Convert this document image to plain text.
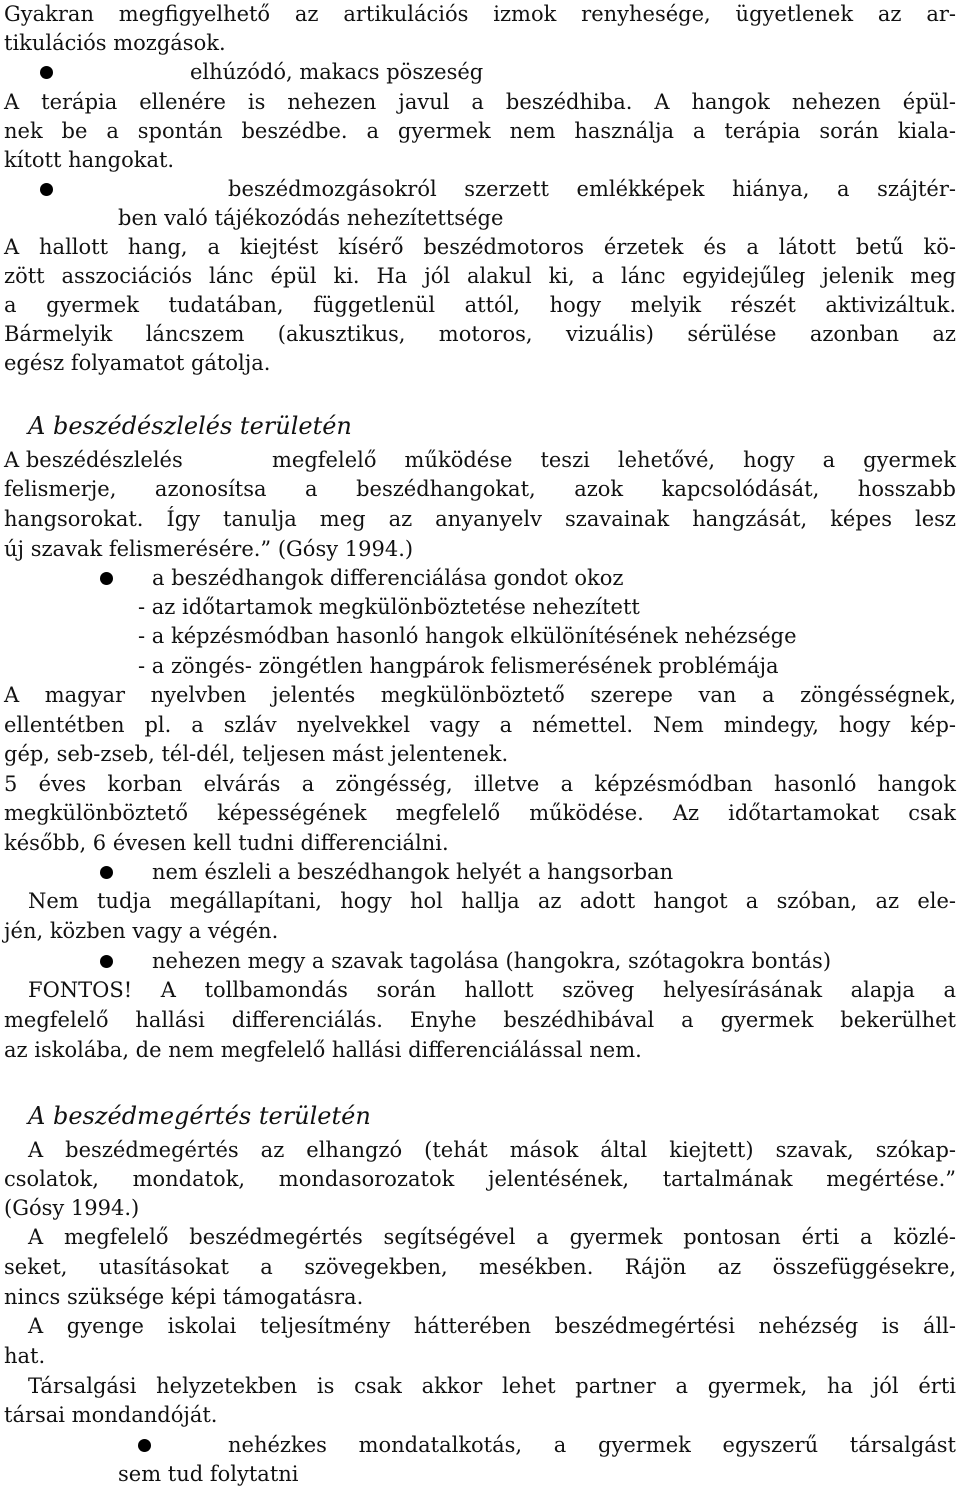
Gyakran megfigyelhető az artikulációs izmok renyhesége, ügyetlenek az ar-
tikulációs mozgások.
elhúzódó, makacs pöszeség
A terápia ellenére is nehezen javul a beszédhiba. A hangok nehezen épül-
nek be a spontán beszédbe. a gyermek nem használja a terápia során kiala-
kított hangokat.
beszédmozgásokról szerzett emlékképek hiánya, a szájtér-
ben való tájékozódás nehezítettsége
A hallott hang, a kiejtést kísérő beszédmotoros érzetek és a látott betű kö-
zött asszociációs lánc épül ki. Ha jól alakul ki, a lánc egyidejűleg jelenik meg
a gyermek tudatában, függetlenül attól, hogy melyik részét aktivizáltuk.
Bármelyik láncszem (akusztikus, motoros, vizuális) sérülése azonban az
egész folyamatot gátolja.
A beszédészlelés területén
A beszédészlelés	megfelelő működése teszi lehetővé, hogy a gyermek
felismerje, azonosítsa a beszédhangokat, azok kapcsolódását, hosszabb
hangsorokat. Így tanulja meg az anyanyelv szavainak hangzását, képes lesz
új szavak felismerésére.” (Gósy 1994.)
a beszédhangok differenciálása gondot okoz
- az időtartamok megkülönböztetése nehezített
- a képzésmódban hasonló hangok elkülönítésének nehézsége
- a zöngés- zöngétlen hangpárok felismerésének problémája
A magyar nyelvben jelentés megkülönböztető szerepe van a zöngésségnek,
ellentétben pl. a szláv nyelvekkel vagy a némettel. Nem mindegy, hogy kép-
gép, seb-zseb, tél-dél, teljesen mást jelentenek.
5 éves korban elvárás a zöngésség, illetve a képzésmódban hasonló hangok
megkülönböztető képességének megfelelő működése. Az időtartamokat csak
később, 6 évesen kell tudni differenciálni.
nem észleli a beszédhangok helyét a hangsorban
Nem tudja megállapítani, hogy hol hallja az adott hangot a szóban, az ele-
jén, közben vagy a végén.
nehezen megy a szavak tagolása (hangokra, szótagokra bontás)
FONTOS! A tollbamondás során hallott szöveg helyesírásának alapja a
megfelelő hallási differenciálás. Enyhe beszédhibával a gyermek bekerülhet
az iskolába, de nem megfelelő hallási differenciálással nem.
A beszédmegértés területén
A beszédmegértés az elhangzó (tehát mások által kiejtett) szavak, szókap-
csolatok, mondatok, mondasorozatok jelentésének, tartalmának megértése.”
(Gósy 1994.)
A megfelelő beszédmegértés segítségével a gyermek pontosan érti a közlé-
seket, utasításokat a szövegekben, mesékben. Rájön az összefüggésekre,
nincs szüksége képi támogatásra.
A gyenge iskolai teljesítmény hátterében beszédmegértési nehézség is áll-
hat.
Társalgási helyzetekben is csak akkor lehet partner a gyermek, ha jól érti
társai mondandóját.
nehézkes mondatalkotás, a gyermek egyszerű társalgást
sem tud folytatni
